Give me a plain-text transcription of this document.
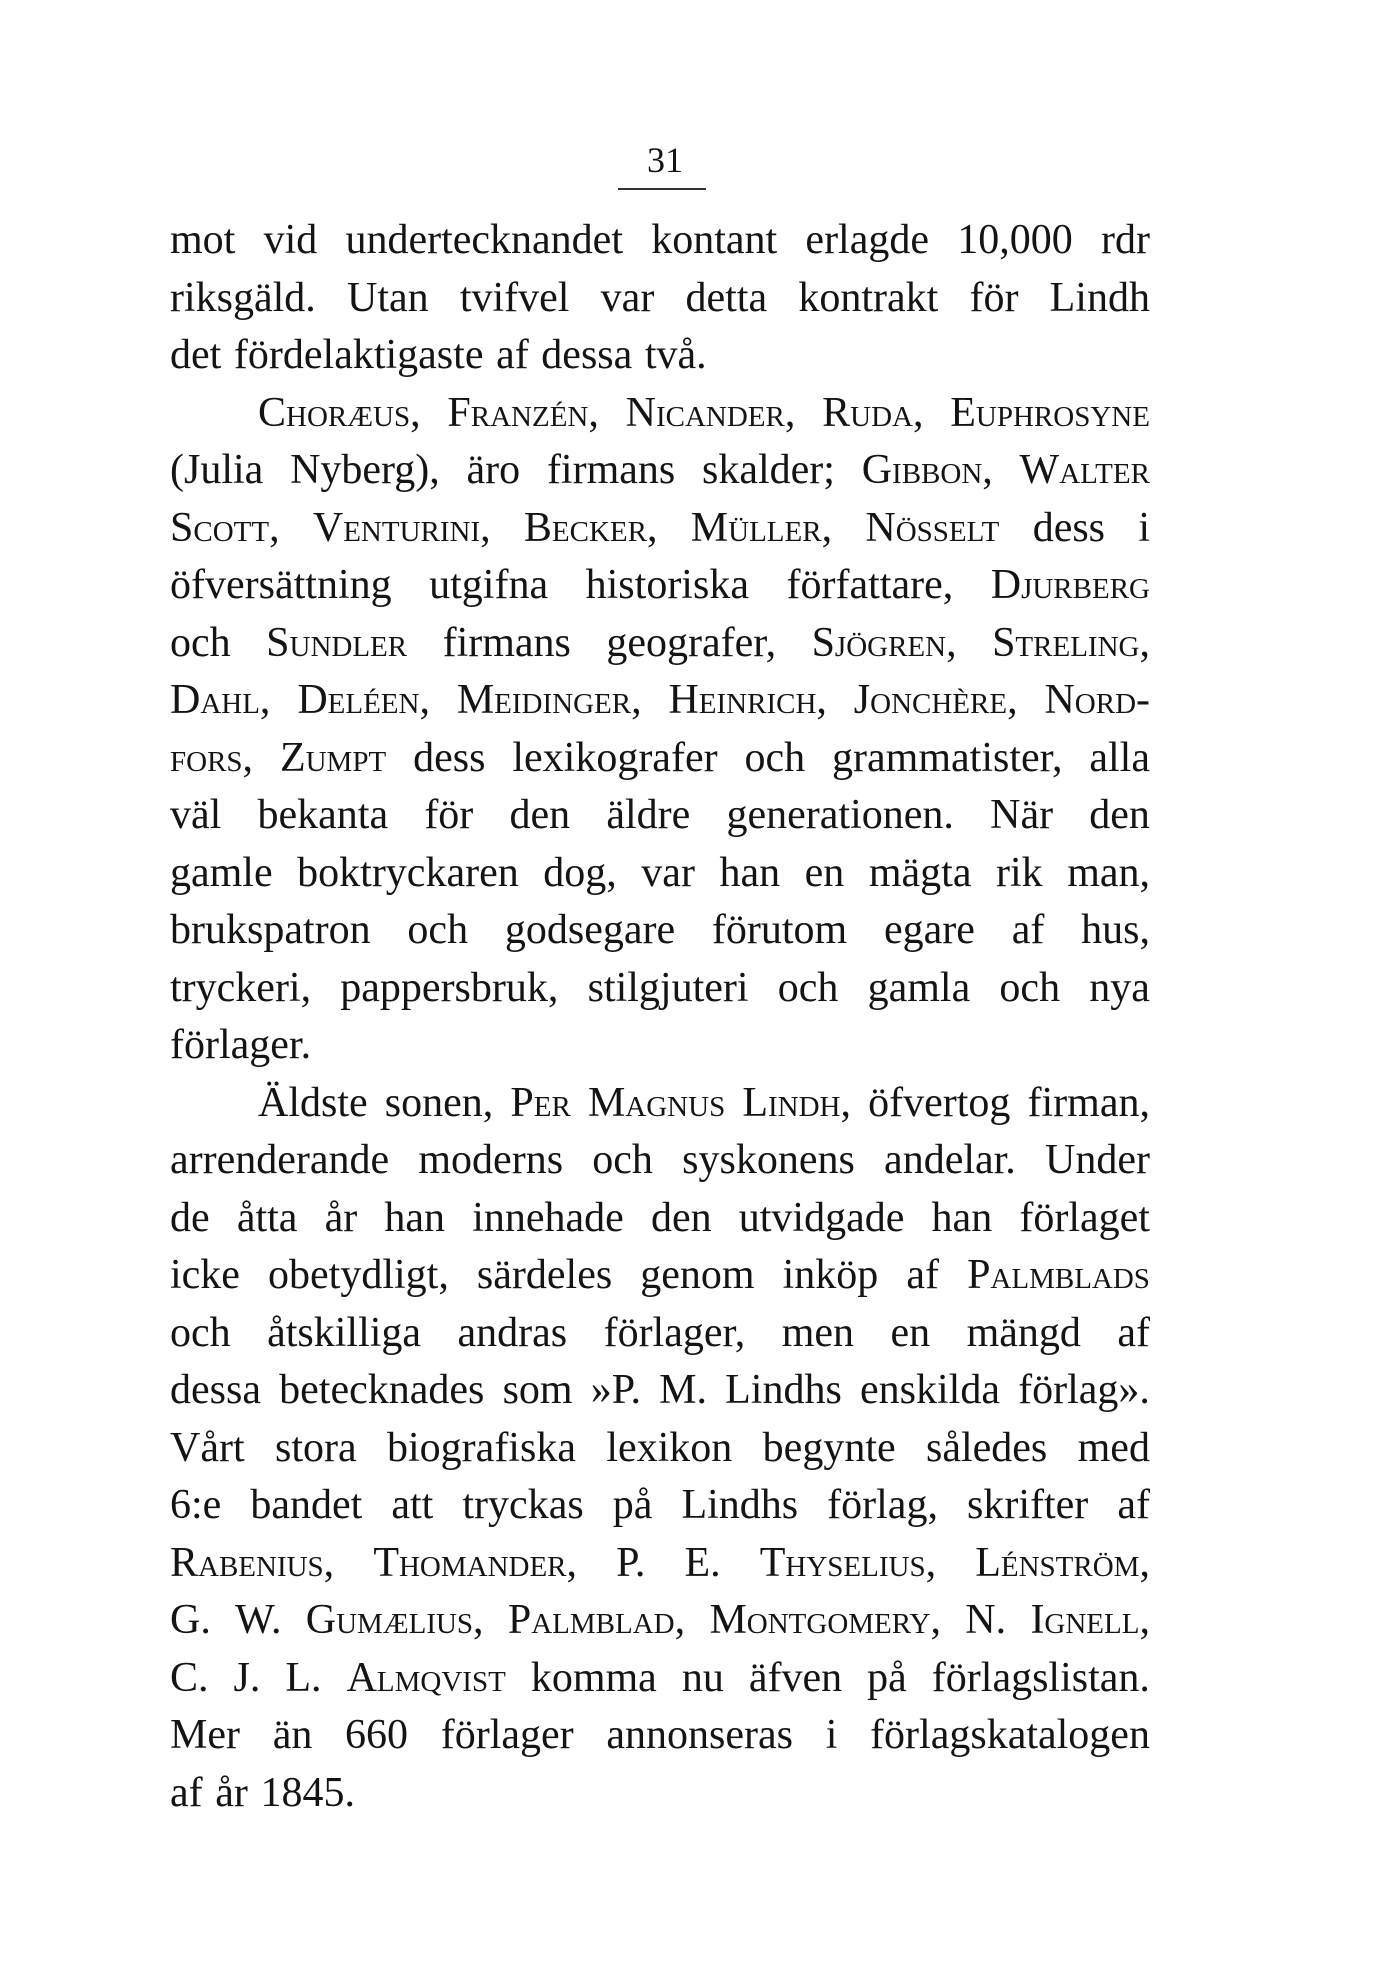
31
mot vid undertecknandet kontant erlagde 10,000 rdr
riksgäld. Utan tvifvel var detta kontrakt för Lindh
det fördelaktigaste af dessa två.
Choræus, Franzén, Nicander, Ruda, Euphrosyne
(Julia Nyberg), äro firmans skalder; Gibbon, Walter
Scott, Venturini, Becker, Müller, Nösselt dess i
öfversättning utgifna historiska författare, Djurberg
och Sundler firmans geografer, Sjögren, Streling,
Dahl, Deléen, Meidinger, Heinrich, Jonchère, Nord-
fors, Zumpt dess lexikografer och grammatister, alla
väl bekanta för den äldre generationen. När den
gamle boktryckaren dog, var han en mägta rik man,
brukspatron och godsegare förutom egare af hus,
tryckeri, pappersbruk, stilgjuteri och gamla och nya
förlager.
Äldste sonen, Per Magnus Lindh, öfvertog firman,
arrenderande moderns och syskonens andelar. Under
de åtta år han innehade den utvidgade han förlaget
icke obetydligt, särdeles genom inköp af Palmblads
och åtskilliga andras förlager, men en mängd af
dessa betecknades som »P. M. Lindhs enskilda förlag».
Vårt stora biografiska lexikon begynte således med
6:e bandet att tryckas på Lindhs förlag, skrifter af
Rabenius, Thomander, P. E. Thyselius, Lénström,
G. W. Gumælius, Palmblad, Montgomery, N. Ignell,
C. J. L. Almqvist komma nu äfven på förlagslistan.
Mer än 660 förlager annonseras i förlagskatalogen
af år 1845.
